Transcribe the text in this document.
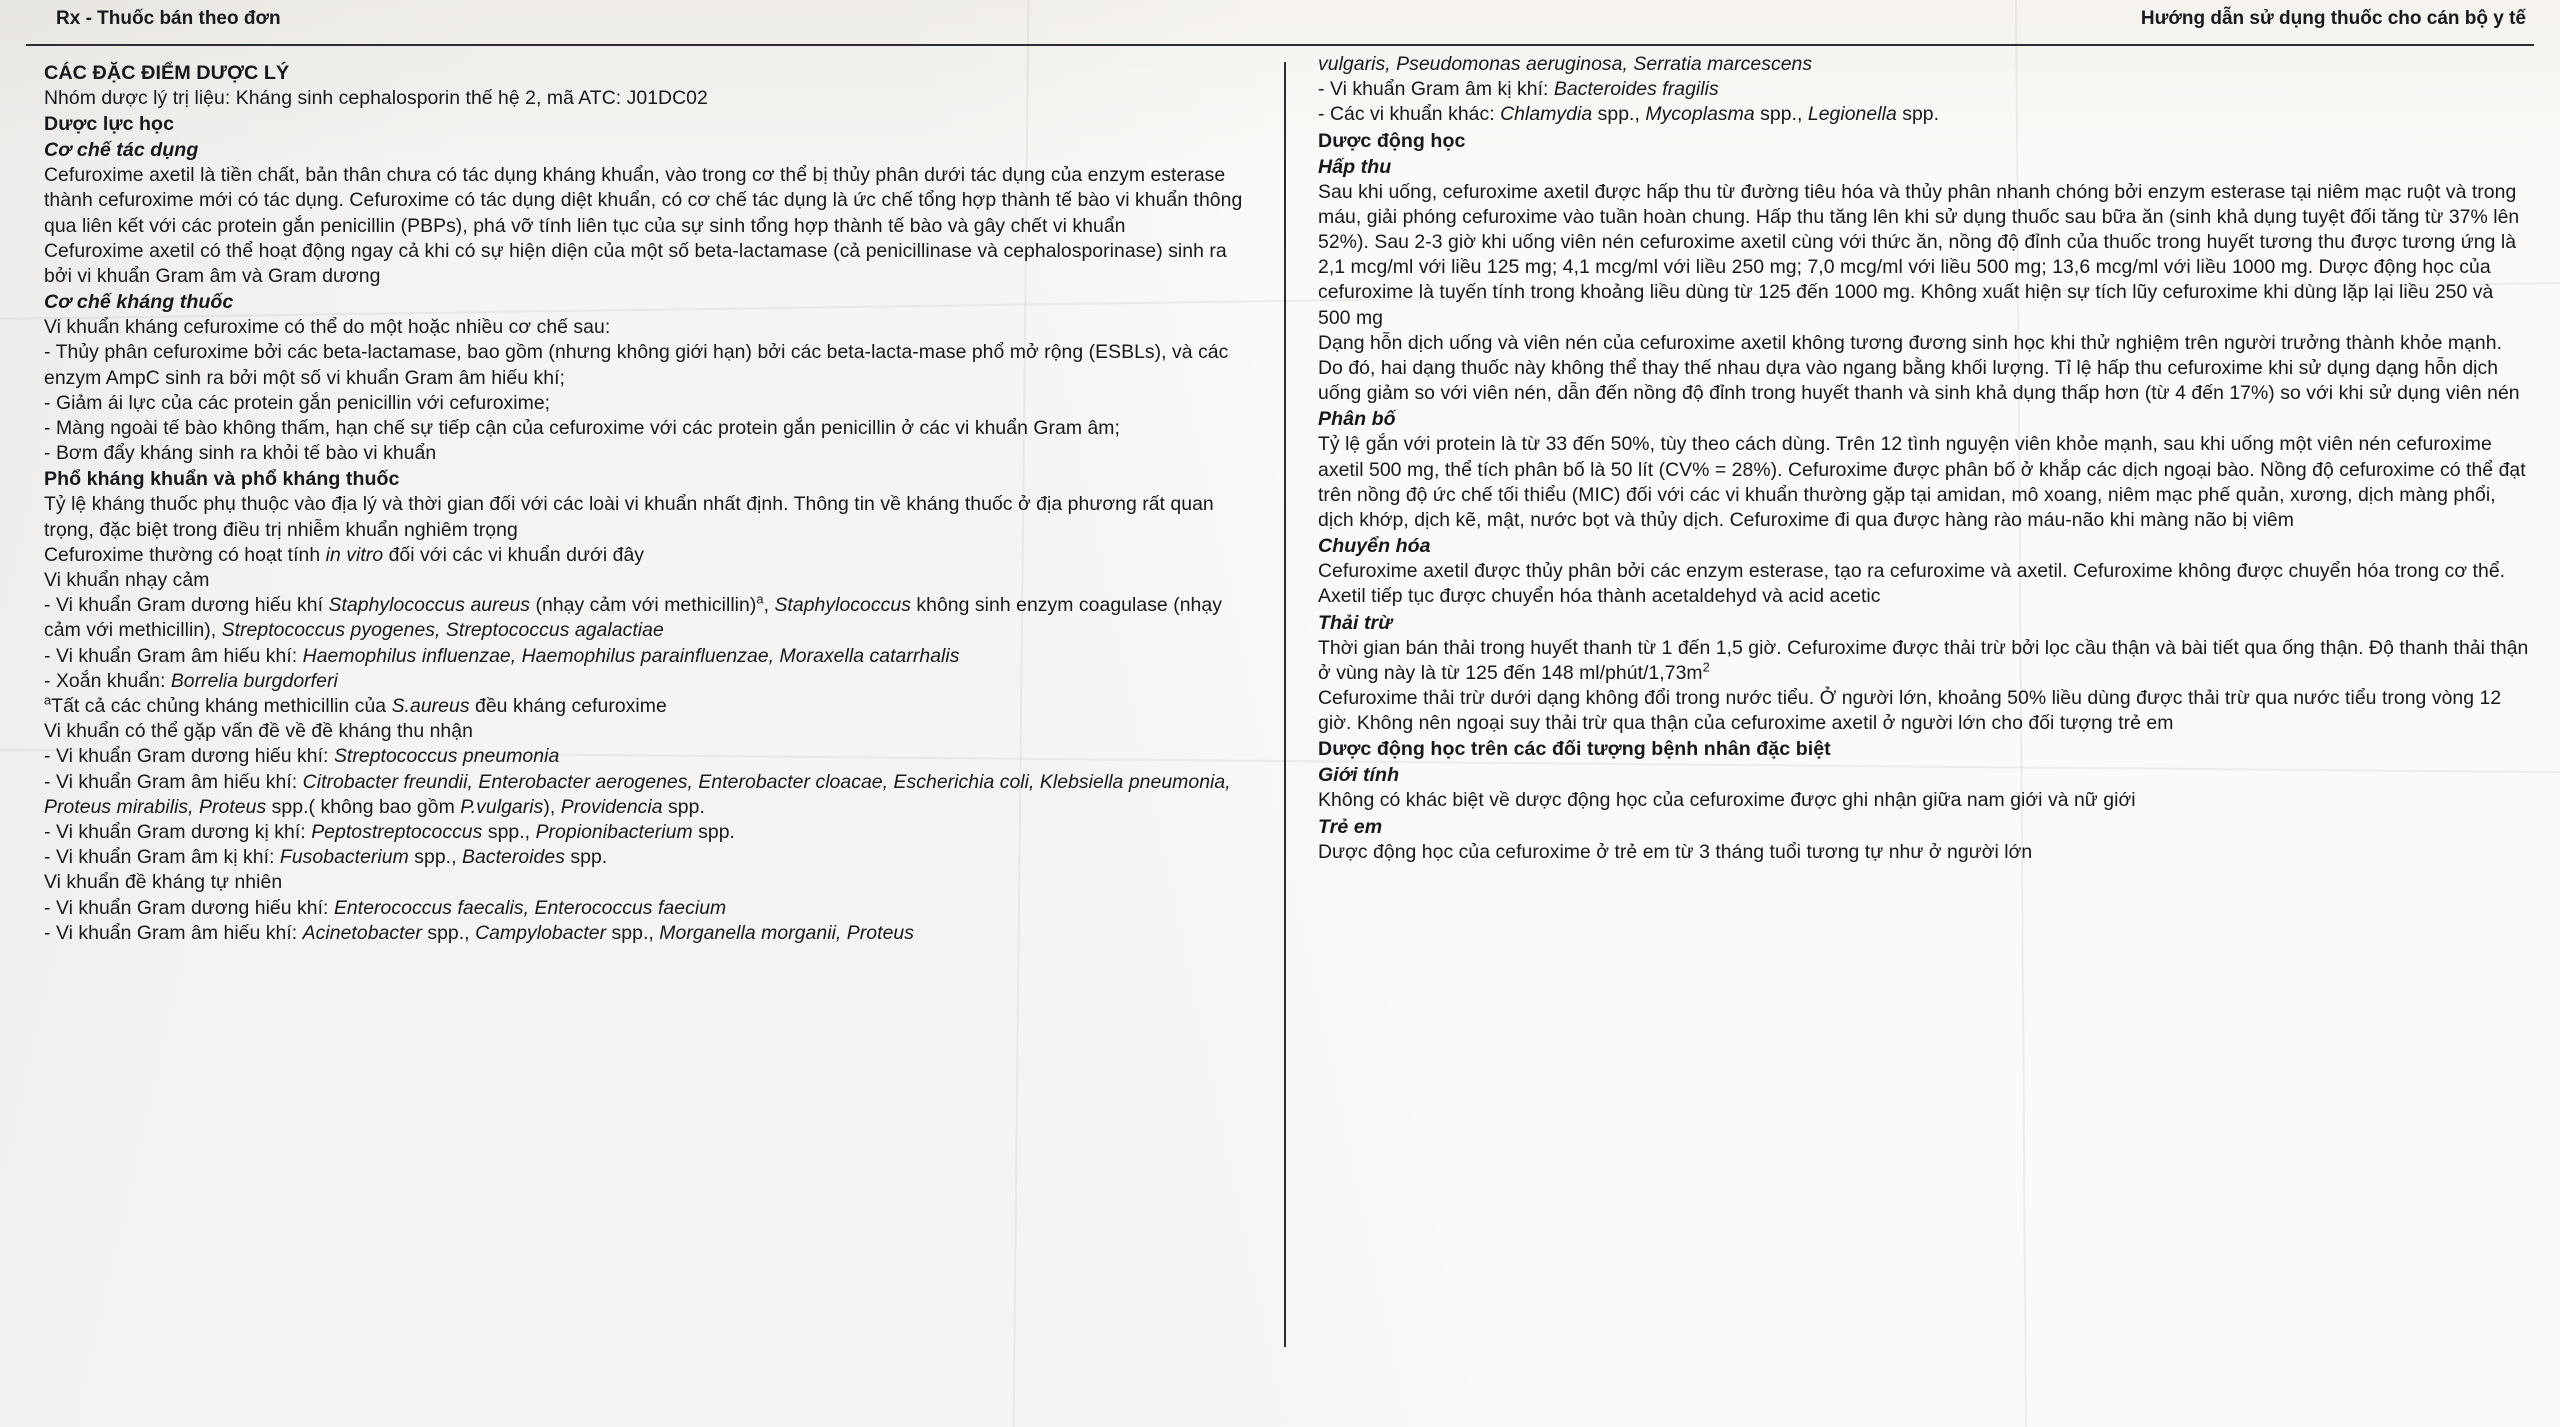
Rx - Thuốc bán theo đơn	Hướng dẫn sử dụng thuốc cho cán bộ y tế

CÁC ĐẶC ĐIỂM DƯỢC LÝ

Nhóm dược lý trị liệu: Kháng sinh cephalosporin thế hệ 2, mã ATC: J01DC02

Dược lực học

Cơ chế tác dụng

Cefuroxime axetil là tiền chất, bản thân chưa có tác dụng kháng khuẩn, vào trong cơ thể bị thủy phân dưới tác dụng của enzym esterase thành cefuroxime mới có tác dụng. Cefuroxime có tác dụng diệt khuẩn, có cơ chế tác dụng là ức chế tổng hợp thành tế bào vi khuẩn thông qua liên kết với các protein gắn penicillin (PBPs), phá vỡ tính liên tục của sự sinh tổng hợp thành tế bào và gây chết vi khuẩn

Cefuroxime axetil có thể hoạt động ngay cả khi có sự hiện diện của một số beta-lactamase (cả penicillinase và cephalosporinase) sinh ra bởi vi khuẩn Gram âm và Gram dương

Cơ chế kháng thuốc

Vi khuẩn kháng cefuroxime có thể do một hoặc nhiều cơ chế sau:

- Thủy phân cefuroxime bởi các beta-lactamase, bao gồm (nhưng không giới hạn) bởi các beta-lacta-mase phổ mở rộng (ESBLs), và các enzym AmpC sinh ra bởi một số vi khuẩn Gram âm hiếu khí;

- Giảm ái lực của các protein gắn penicillin với cefuroxime;

- Màng ngoài tế bào không thấm, hạn chế sự tiếp cận của cefuroxime với các protein gắn penicillin ở các vi khuẩn Gram âm;

- Bơm đẩy kháng sinh ra khỏi tế bào vi khuẩn

Phổ kháng khuẩn và phổ kháng thuốc

Tỷ lệ kháng thuốc phụ thuộc vào địa lý và thời gian đối với các loài vi khuẩn nhất định. Thông tin về kháng thuốc ở địa phương rất quan trọng, đặc biệt trong điều trị nhiễm khuẩn nghiêm trọng

Cefuroxime thường có hoạt tính in vitro đối với các vi khuẩn dưới đây

Vi khuẩn nhạy cảm

- Vi khuẩn Gram dương hiếu khí Staphylococcus aureus (nhạy cảm với methicillin)$^a$, Staphylococcus không sinh enzym coagulase (nhạy cảm với methicillin), Streptococcus pyogenes, Streptococcus agalactiae

- Vi khuẩn Gram âm hiếu khí: Haemophilus influenzae, Haemophilus parainfluenzae, Moraxella catarrhalis

- Xoắn khuẩn: Borrelia burgdorferi

$^a$Tất cả các chủng kháng methicillin của S.aureus đều kháng cefuroxime

Vi khuẩn có thể gặp vấn đề về đề kháng thu nhận

- Vi khuẩn Gram dương hiếu khí: Streptococcus pneumonia

- Vi khuẩn Gram âm hiếu khí: Citrobacter freundii, Enterobacter aerogenes, Enterobacter cloacae, Escherichia coli, Klebsiella pneumonia, Proteus mirabilis, Proteus spp.( không bao gồm P.vulgaris), Providencia spp.

- Vi khuẩn Gram dương kị khí: Peptostreptococcus spp., Propionibacterium spp.

- Vi khuẩn Gram âm kị khí: Fusobacterium spp., Bacteroides spp.

Vi khuẩn đề kháng tự nhiên

- Vi khuẩn Gram dương hiếu khí: Enterococcus faecalis, Enterococcus faecium

- Vi khuẩn Gram âm hiếu khí: Acinetobacter spp., Campylobacter spp., Morganella morganii, Proteus

vulgaris, Pseudomonas aeruginosa, Serratia marcescens

- Vi khuẩn Gram âm kị khí: Bacteroides fragilis

- Các vi khuẩn khác: Chlamydia spp., Mycoplasma spp., Legionella spp.

Dược động học

Hấp thu

Sau khi uống, cefuroxime axetil được hấp thu từ đường tiêu hóa và thủy phân nhanh chóng bởi enzym esterase tại niêm mạc ruột và trong máu, giải phóng cefuroxime vào tuần hoàn chung. Hấp thu tăng lên khi sử dụng thuốc sau bữa ăn (sinh khả dụng tuyệt đối tăng từ 37% lên 52%). Sau 2-3 giờ khi uống viên nén cefuroxime axetil cùng với thức ăn, nồng độ đỉnh của thuốc trong huyết tương thu được tương ứng là 2,1 mcg/ml với liều 125 mg; 4,1 mcg/ml với liều 250 mg; 7,0 mcg/ml với liều 500 mg; 13,6 mcg/ml với liều 1000 mg. Dược động học của cefuroxime là tuyến tính trong khoảng liều dùng từ 125 đến 1000 mg. Không xuất hiện sự tích lũy cefuroxime khi dùng lặp lại liều 250 và 500 mg

Dạng hỗn dịch uống và viên nén của cefuroxime axetil không tương đương sinh học khi thử nghiệm trên người trưởng thành khỏe mạnh. Do đó, hai dạng thuốc này không thể thay thế nhau dựa vào ngang bằng khối lượng. Tỉ lệ hấp thu cefuroxime khi sử dụng dạng hỗn dịch uống giảm so với viên nén, dẫn đến nồng độ đỉnh trong huyết thanh và sinh khả dụng thấp hơn (từ 4 đến 17%) so với khi sử dụng viên nén

Phân bố

Tỷ lệ gắn với protein là từ 33 đến 50%, tùy theo cách dùng. Trên 12 tình nguyện viên khỏe mạnh, sau khi uống một viên nén cefuroxime axetil 500 mg, thể tích phân bố là 50 lít (CV% = 28%). Cefuroxime được phân bố ở khắp các dịch ngoại bào. Nồng độ cefuroxime có thể đạt trên nồng độ ức chế tối thiểu (MIC) đối với các vi khuẩn thường gặp tại amidan, mô xoang, niêm mạc phế quản, xương, dịch màng phổi, dịch khớp, dịch kẽ, mật, nước bọt và thủy dịch. Cefuroxime đi qua được hàng rào máu-não khi màng não bị viêm

Chuyển hóa

Cefuroxime axetil được thủy phân bởi các enzym esterase, tạo ra cefuroxime và axetil. Cefuroxime không được chuyển hóa trong cơ thể. Axetil tiếp tục được chuyển hóa thành acetaldehyd và acid acetic

Thải trừ

Thời gian bán thải trong huyết thanh từ 1 đến 1,5 giờ. Cefuroxime được thải trừ bởi lọc cầu thận và bài tiết qua ống thận. Độ thanh thải thận ở vùng này là từ 125 đến 148 $ml/phút/1,73m^2$

Cefuroxime thải trừ dưới dạng không đổi trong nước tiểu. Ở người lớn, khoảng 50% liều dùng được thải trừ qua nước tiểu trong vòng 12 giờ. Không nên ngoại suy thải trừ qua thận của cefuroxime axetil ở người lớn cho đối tượng trẻ em

Dược động học trên các đối tượng bệnh nhân đặc biệt

Giới tính

Không có khác biệt về dược động học của cefuroxime được ghi nhận giữa nam giới và nữ giới

Trẻ em

Dược động học của cefuroxime ở trẻ em từ 3 tháng tuổi tương tự như ở người lớn
